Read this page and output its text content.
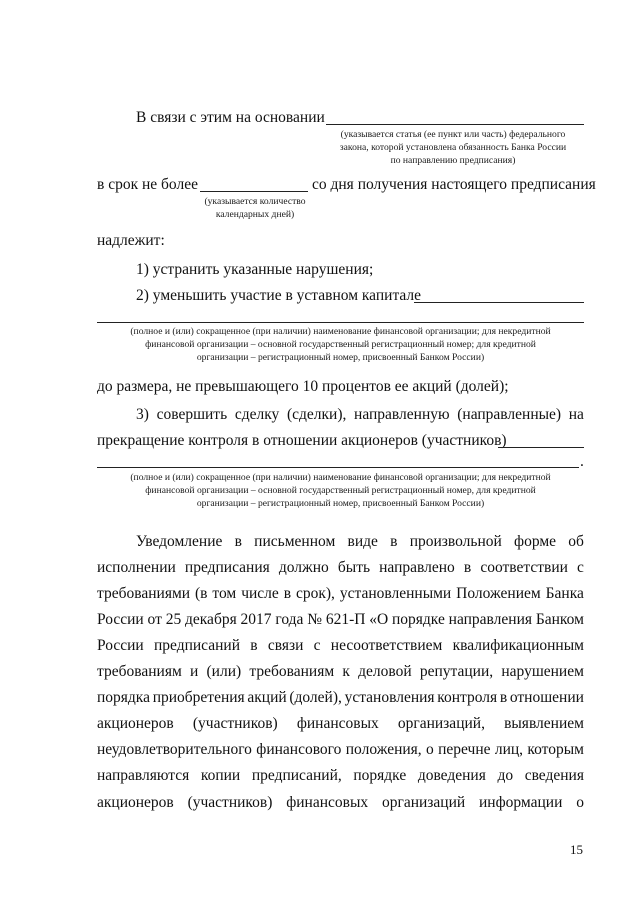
В связи с этим на основании
(указывается статья (ее пункт или часть) федерального
закона, которой установлена обязанность Банка России
по направлению предписания)
в срок не более	со дня получения настоящего предписания
(указывается количество
календарных дней)
надлежит:
1) устранить указанные нарушения;
2) уменьшить участие в уставном капитале
(полное и (или) сокращенное (при наличии) наименование финансовой организации; для некредитной
финансовой организации – основной государственный регистрационный номер; для кредитной
организации – регистрационный номер, присвоенный Банком России)
до размера, не превышающего 10 процентов ее акций (долей);
3) совершить сделку (сделки), направленную (направленные) на
прекращение контроля в отношении акционеров (участников)
.
(полное и (или) сокращенное (при наличии) наименование финансовой организации; для некредитной
финансовой организации – основной государственный регистрационный номер, для кредитной
организации – регистрационный номер, присвоенный Банком России)
Уведомление в письменном виде в произвольной форме об
исполнении предписания должно быть направлено в соответствии с
требованиями (в том числе в срок), установленными Положением Банка
России от 25 декабря 2017 года № 621-П «О порядке направления Банком
России предписаний в связи с несоответствием квалификационным
требованиям и (или) требованиям к деловой репутации, нарушением
порядка приобретения акций (долей), установления контроля в отношении
акционеров (участников) финансовых организаций, выявлением
неудовлетворительного финансового положения, о перечне лиц, которым
направляются копии предписаний, порядке доведения до сведения
акционеров (участников) финансовых организаций информации о
15
